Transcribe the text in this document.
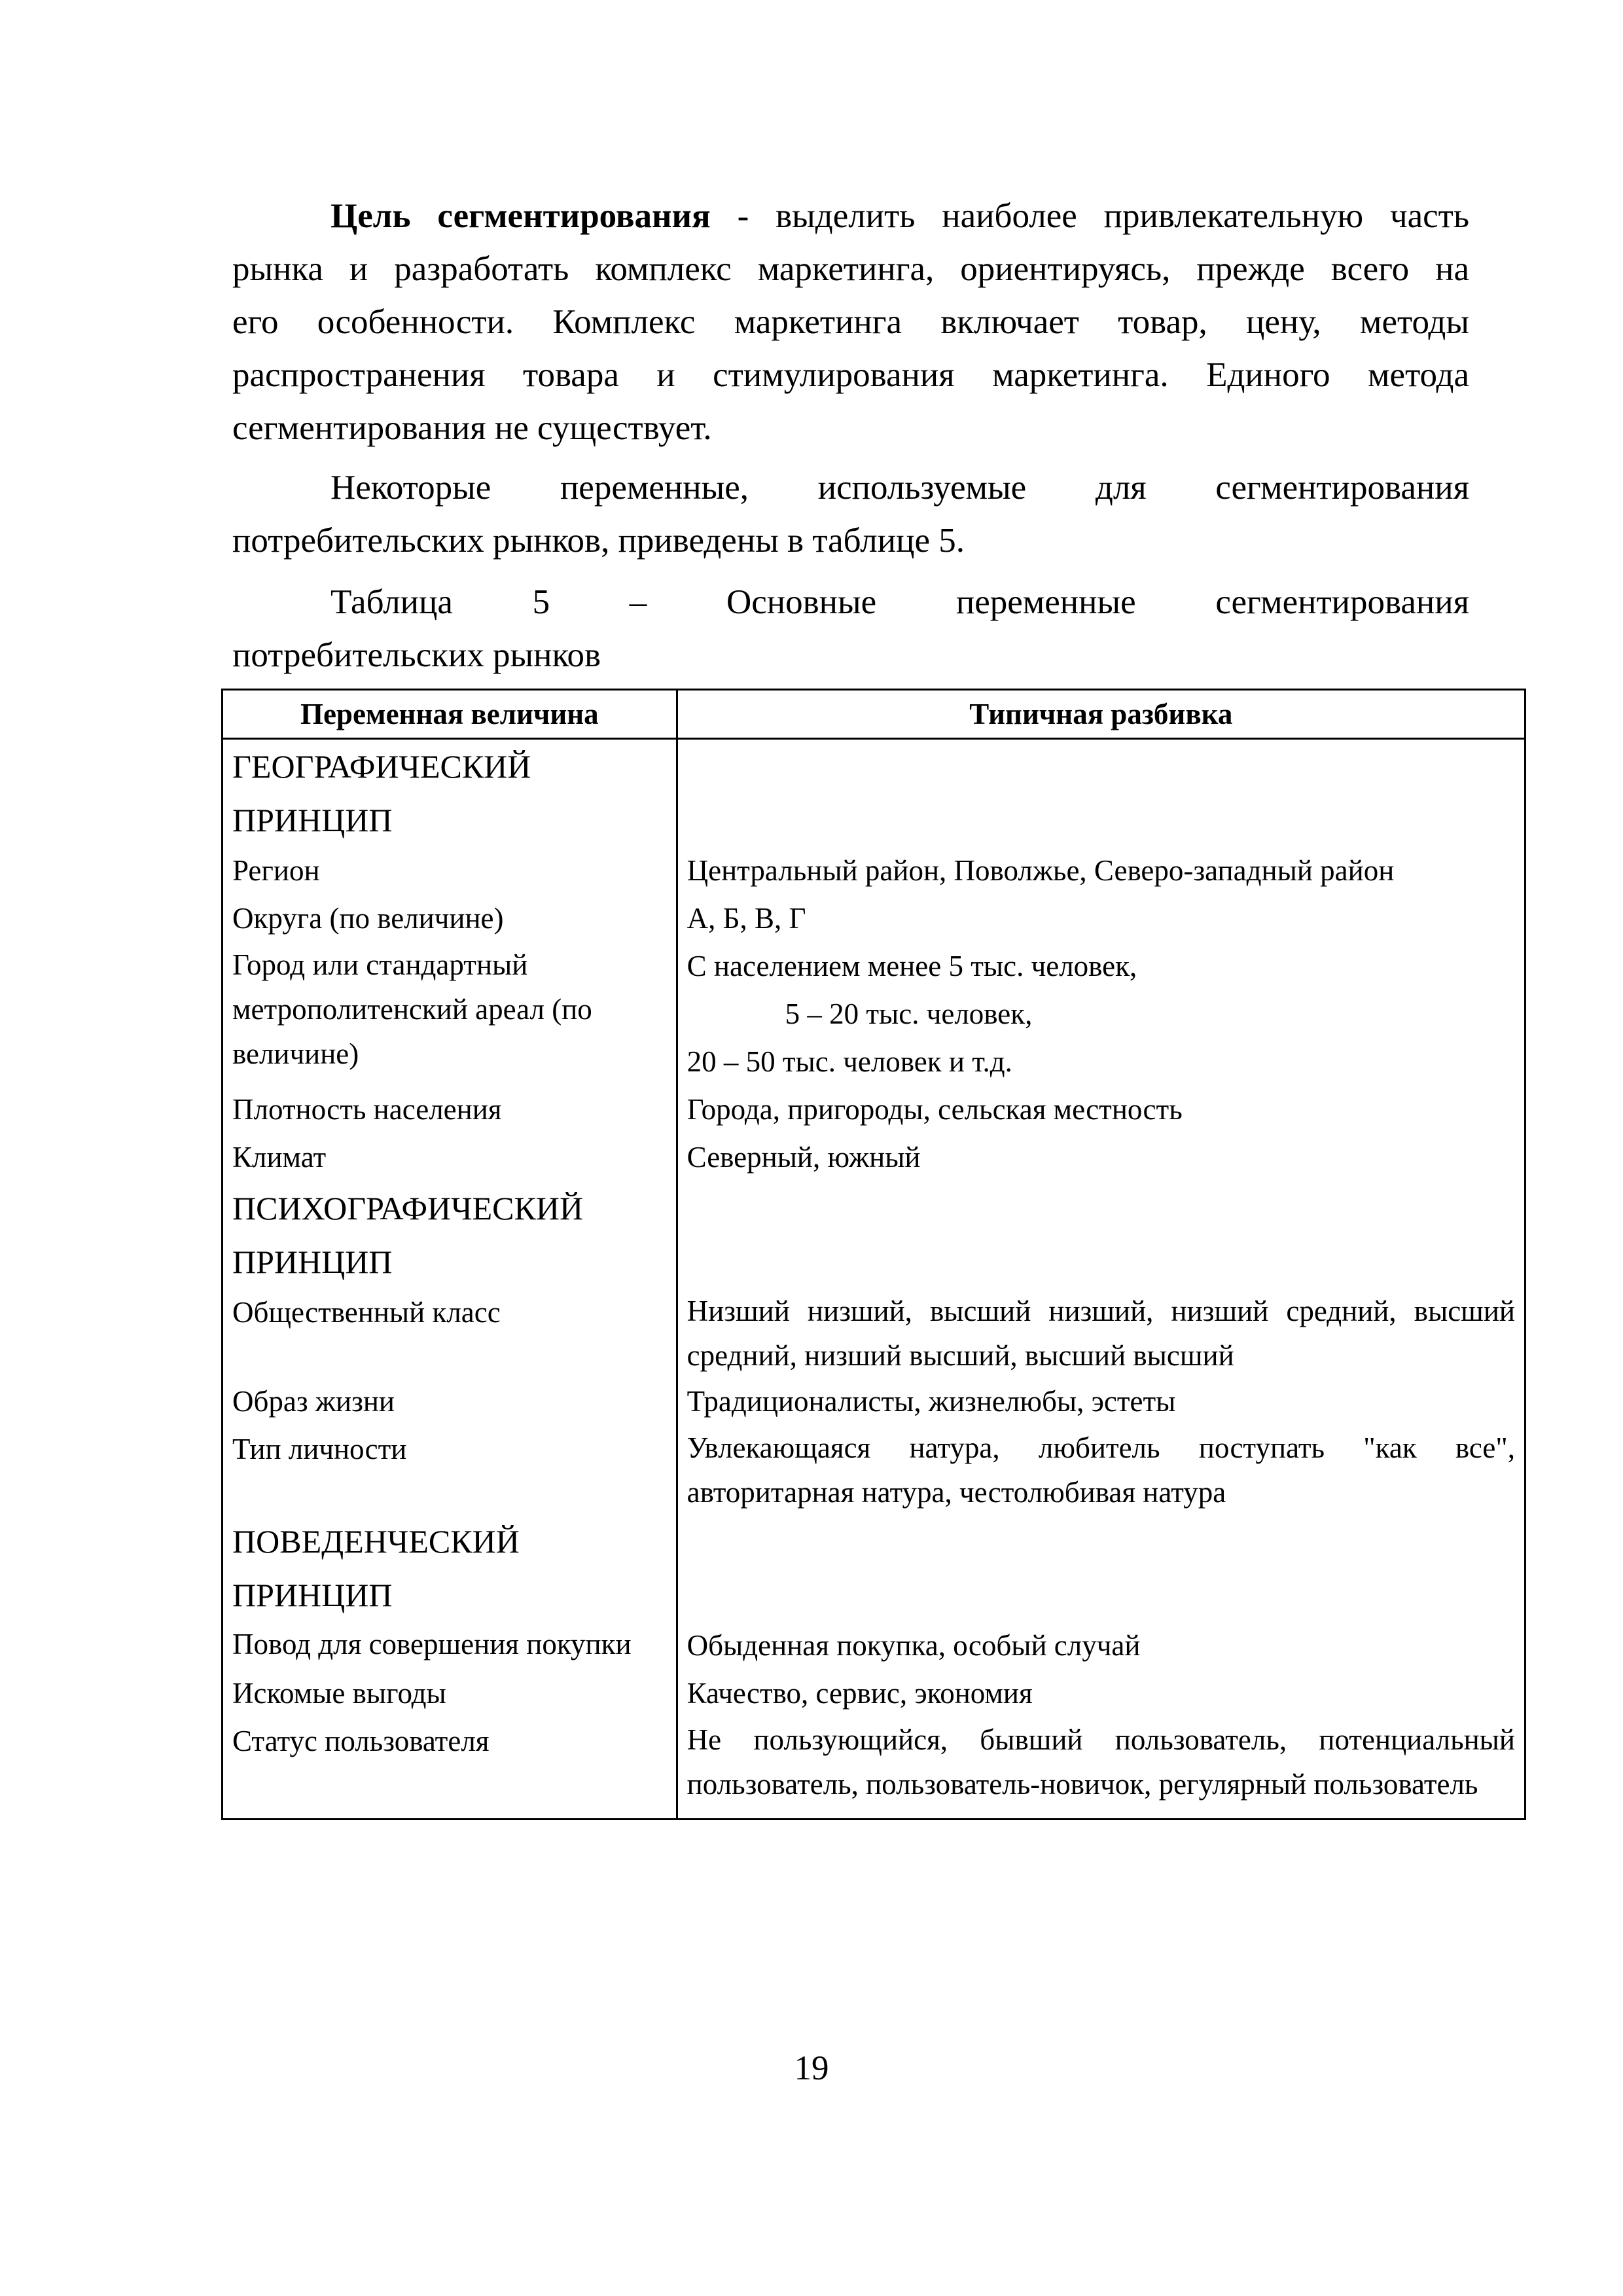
Цель сегментирования - выделить наиболее привлекательную часть
рынка и разработать комплекс маркетинга, ориентируясь, прежде всего на
его особенности. Комплекс маркетинга включает товар, цену, методы
распространения товара и стимулирования маркетинга. Единого метода
сегментирования не существует.
Некоторые переменные, используемые для сегментирования
потребительских рынков, приведены в таблице 5.
Таблица 5 – Основные переменные сегментирования
потребительских рынков
Переменная величина	Типичная разбивка
ГЕОГРАФИЧЕСКИЙ ПРИНЦИП	
Регион	Центральный район, Поволжье, Северо-западный район
Округа (по величине)	А, Б, В, Г
Город или стандартный метрополитенский ареал (по величине)	С населением менее 5 тыс. человек,
5 – 20 тыс. человек,
20 – 50 тыс. человек и т.д.

Плотность населения	Города, пригороды, сельская местность
Климат	Северный, южный
ПСИХОГРАФИЧЕСКИЙ ПРИНЦИП	
Общественный класс	Низший низший, высший низший, низший средний, высший средний, низший высший, высший высший
Образ жизни	Традиционалисты, жизнелюбы, эстеты
Тип личности	Увлекающаяся натура, любитель поступать "как все", авторитарная натура, честолюбивая натура
ПОВЕДЕНЧЕСКИЙ ПРИНЦИП	
Повод для совершения покупки	Обыденная покупка, особый случай
Искомые выгоды	Качество, сервис, экономия
Статус пользователя	Не пользующийся, бывший пользователь, потенциальный пользователь, пользователь-новичок, регулярный пользователь
19
